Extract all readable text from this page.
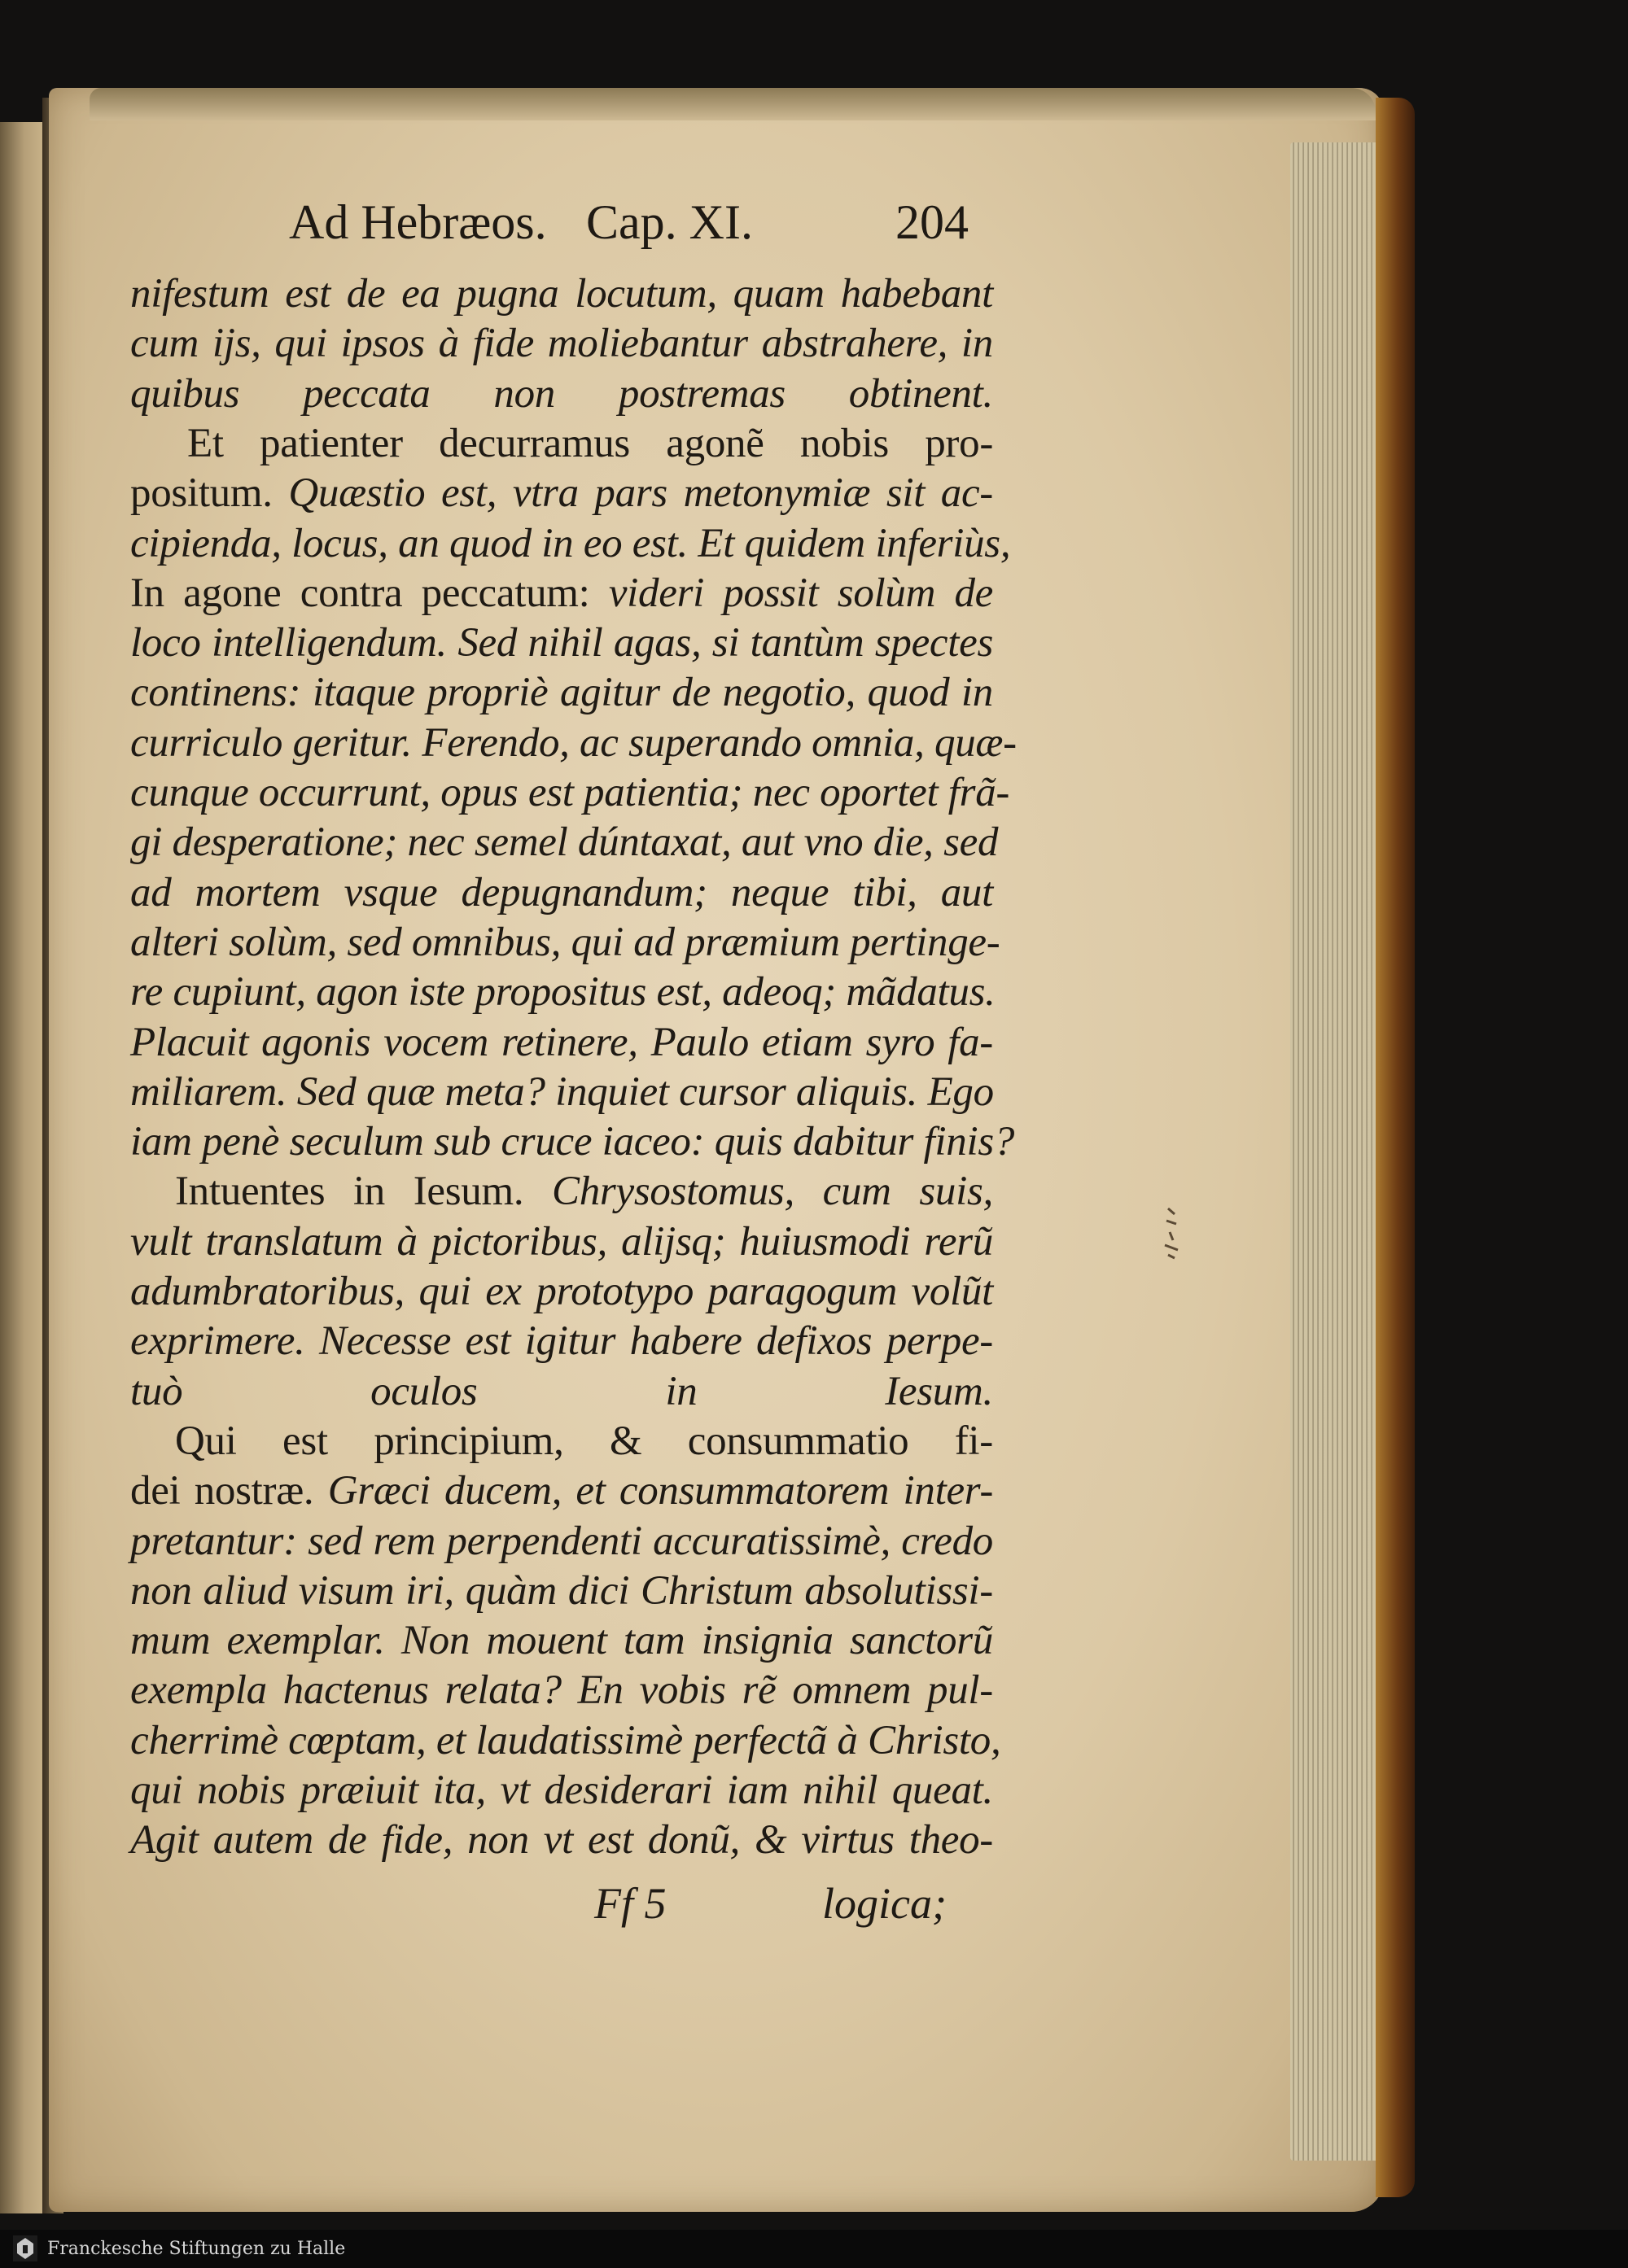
Ad Hebræos. Cap. XI.	204
nifestum est de ea pugna locutum, quam habebant
cum ijs, qui ipsos à fide moliebantur abstrahere, in
quibus peccata non postremas obtinent.
Et patienter decurramus agonẽ nobis pro-
positum. Quæstio est, vtra pars metonymiæ sit ac-
cipienda, locus, an quod in eo est. Et quidem inferiùs,
In agone contra peccatum: videri possit solùm de
loco intelligendum. Sed nihil agas, si tantùm spectes
continens: itaque propriè agitur de negotio, quod in
curriculo geritur. Ferendo, ac superando omnia, quæ-
cunque occurrunt, opus est patientia; nec oportet frã-
gi desperatione; nec semel dúntaxat, aut vno die, sed
ad mortem vsque depugnandum; neque tibi, aut
alteri solùm, sed omnibus, qui ad præmium pertinge-
re cupiunt, agon iste propositus est, adeoq; mãdatus.
Placuit agonis vocem retinere, Paulo etiam syro fa-
miliarem. Sed quæ meta? inquiet cursor aliquis. Ego
iam penè seculum sub cruce iaceo: quis dabitur finis?
Intuentes in Iesum. Chrysostomus, cum suis,
vult translatum à pictoribus, alijsq; huiusmodi rerũ
adumbratoribus, qui ex prototypo paragogum volũt
exprimere. Necesse est igitur habere defixos perpe-
tuò oculos in Iesum.
Qui est principium, & consummatio fi-
dei nostræ. Græci ducem, et consummatorem inter-
pretantur: sed rem perpendenti accuratissimè, credo
non aliud visum iri, quàm dici Christum absolutissi-
mum exemplar. Non mouent tam insignia sanctorũ
exempla hactenus relata? En vobis rẽ omnem pul-
cherrimè cœptam, et laudatissimè perfectã à Christo,
qui nobis præiuit ita, vt desiderari iam nihil queat.
Agit autem de fide, non vt est donũ, & virtus theo-
Ff 5	logica;
Franckesche Stiftungen zu Halle
